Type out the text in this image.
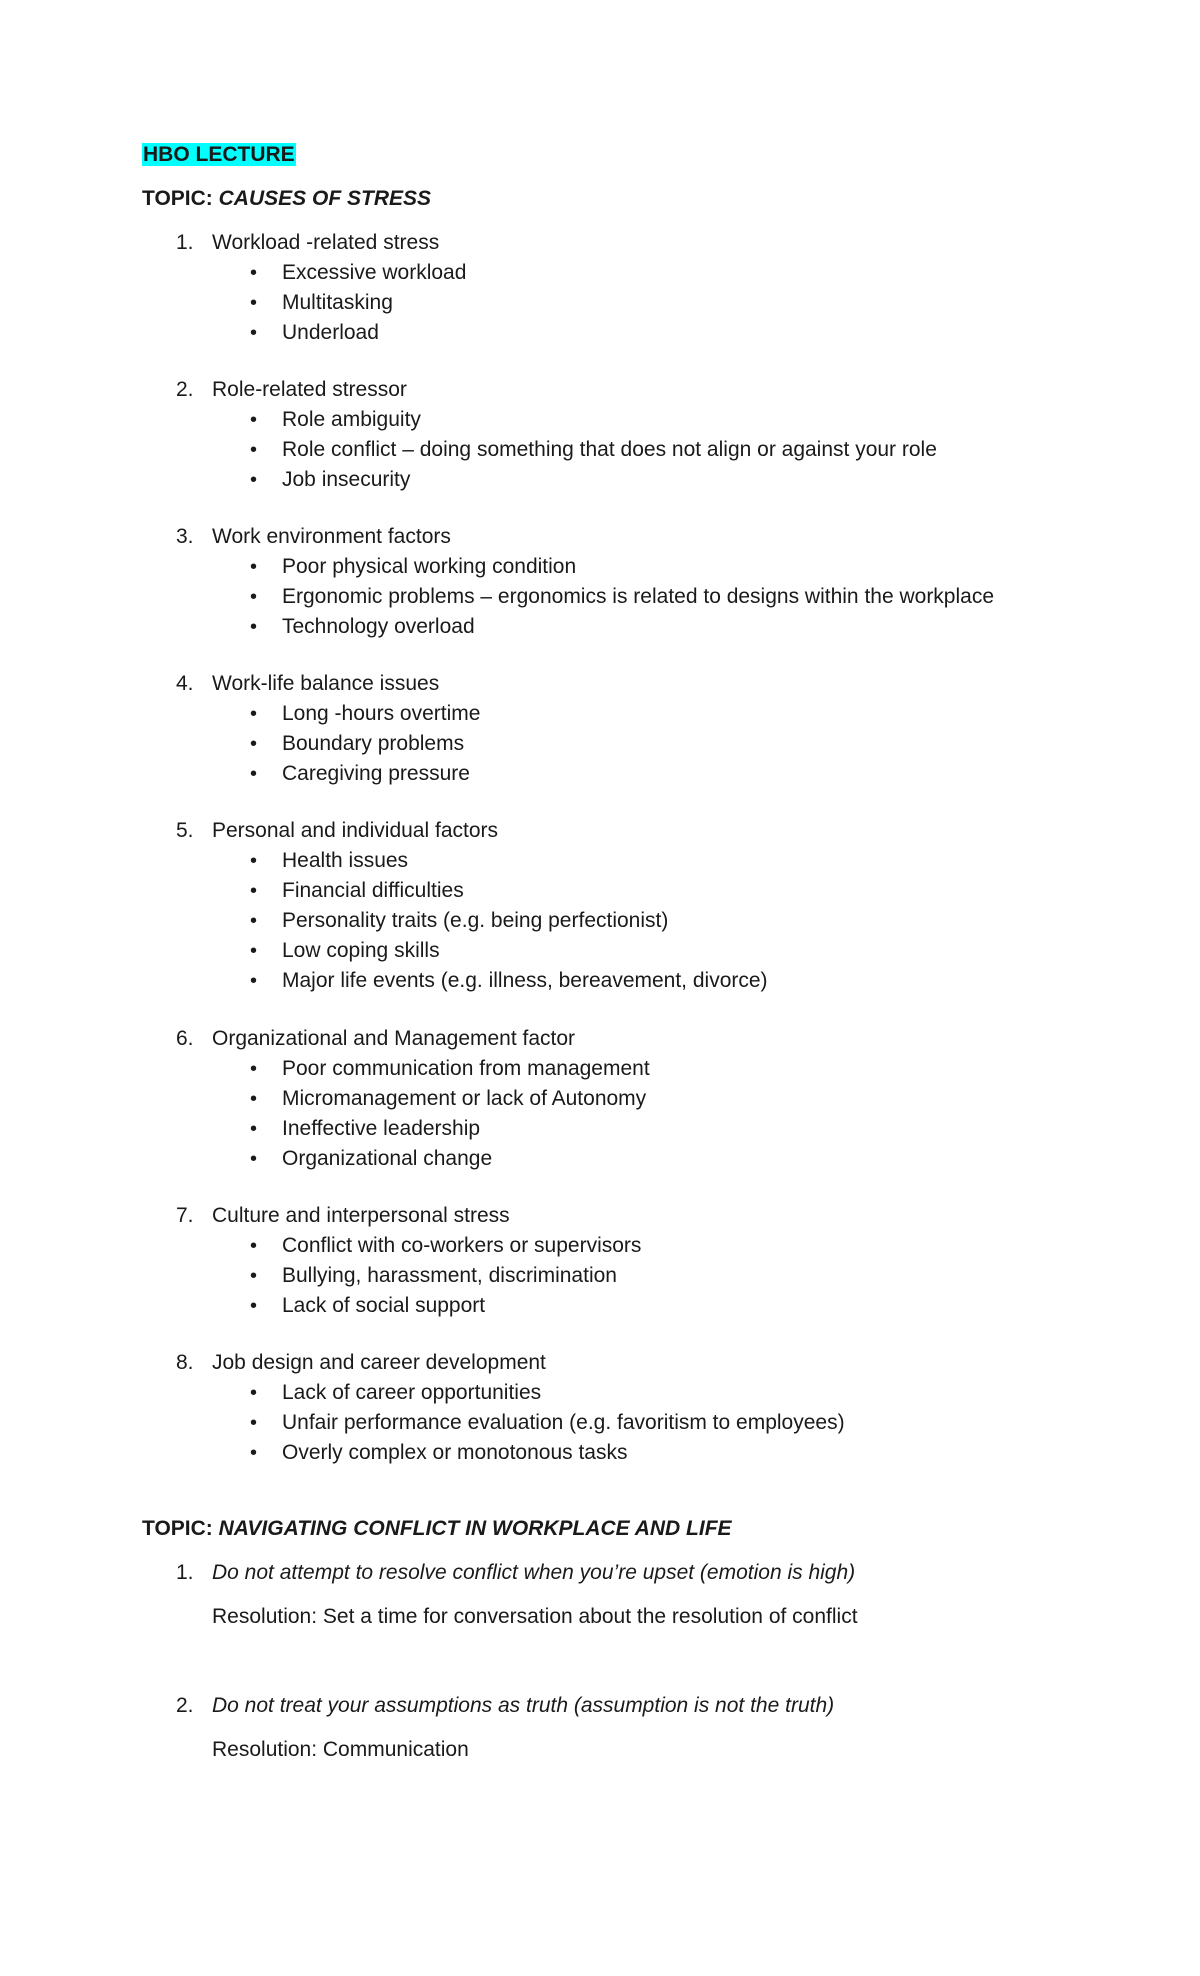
HBO LECTURE
TOPIC: CAUSES OF STRESS
1. Workload -related stress
• Excessive workload
• Multitasking
• Underload
2. Role-related stressor
• Role ambiguity
• Role conflict – doing something that does not align or against your role
• Job insecurity
3. Work environment factors
• Poor physical working condition
• Ergonomic problems – ergonomics is related to designs within the workplace
• Technology overload
4. Work-life balance issues
• Long -hours overtime
• Boundary problems
• Caregiving pressure
5. Personal and individual factors
• Health issues
• Financial difficulties
• Personality traits (e.g. being perfectionist)
• Low coping skills
• Major life events (e.g. illness, bereavement, divorce)
6. Organizational and Management factor
• Poor communication from management
• Micromanagement or lack of Autonomy
• Ineffective leadership
• Organizational change
7. Culture and interpersonal stress
• Conflict with co-workers or supervisors
• Bullying, harassment, discrimination
• Lack of social support
8. Job design and career development
• Lack of career opportunities
• Unfair performance evaluation (e.g. favoritism to employees)
• Overly complex or monotonous tasks
TOPIC: NAVIGATING CONFLICT IN WORKPLACE AND LIFE
1. Do not attempt to resolve conflict when you’re upset (emotion is high)
Resolution: Set a time for conversation about the resolution of conflict
2. Do not treat your assumptions as truth (assumption is not the truth)
Resolution: Communication
